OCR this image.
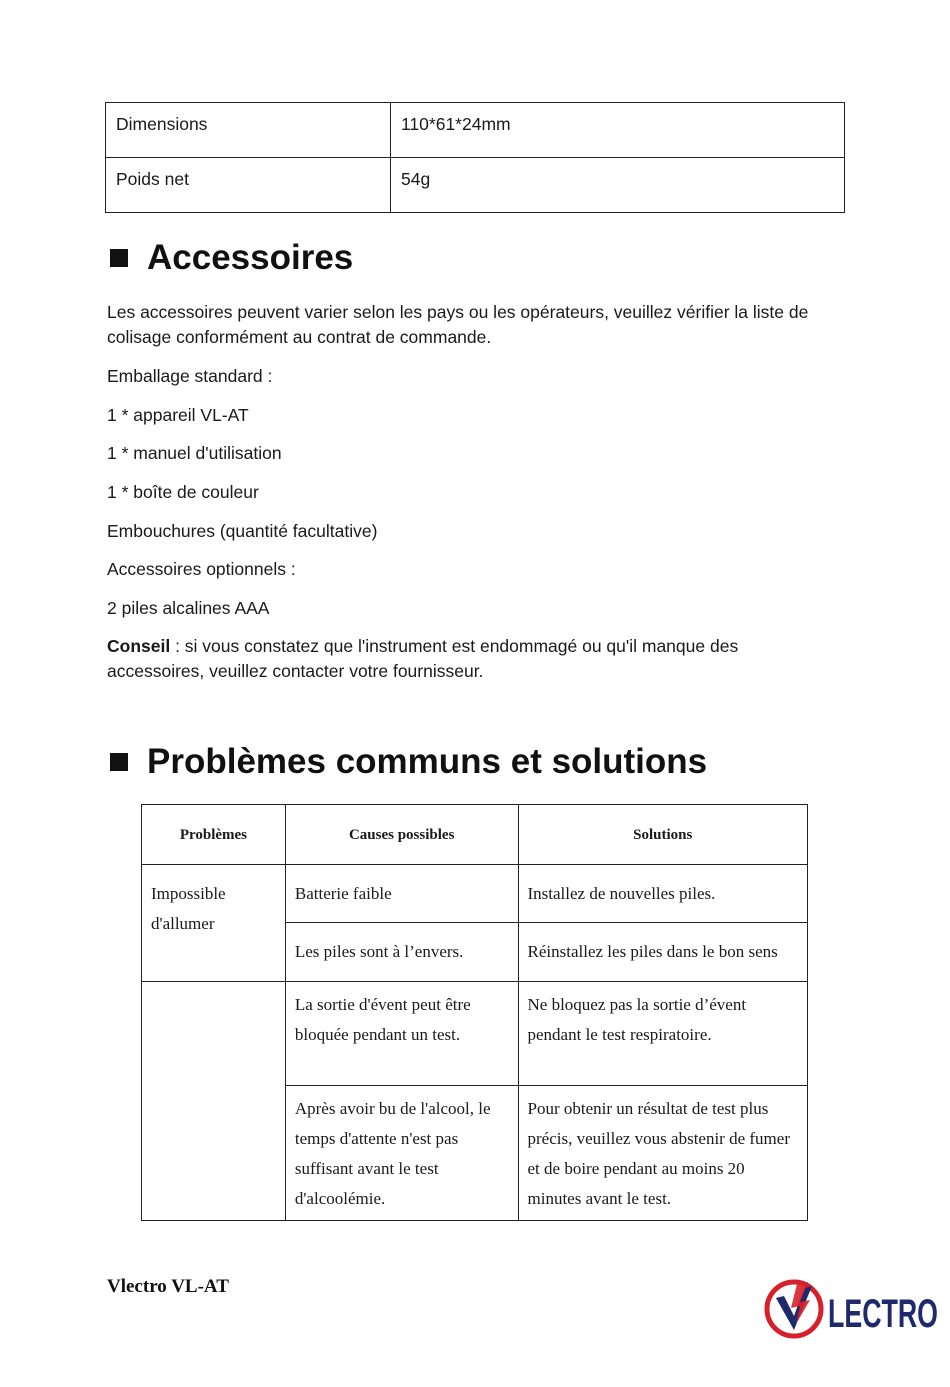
Dimensions	110*61*24mm
Poids net	54g
Accessoires
Les accessoires peuvent varier selon les pays ou les opérateurs, veuillez vérifier la liste de colisage conformément au contrat de commande.
Emballage standard :
1 * appareil VL-AT
1 * manuel d'utilisation
1 * boîte de couleur
Embouchures (quantité facultative)
Accessoires optionnels :
2 piles alcalines AAA
Conseil : si vous constatez que l'instrument est endommagé ou qu'il manque des accessoires, veuillez contacter votre fournisseur.
Problèmes communs et solutions
Problèmes	Causes possibles	Solutions
Impossible d'allumer	Batterie faible	Installez de nouvelles piles.
	Les piles sont à l’envers.	Réinstallez les piles dans le bon sens
	La sortie d'évent peut être bloquée pendant un test.	Ne bloquez pas la sortie d’évent pendant le test respiratoire.
	Après avoir bu de l'alcool, le temps d'attente n'est pas suffisant avant le test d'alcoolémie.	Pour obtenir un résultat de test plus précis, veuillez vous abstenir de fumer et de boire pendant au moins 20 minutes avant le test.
Vlectro VL-AT
LECTRO
